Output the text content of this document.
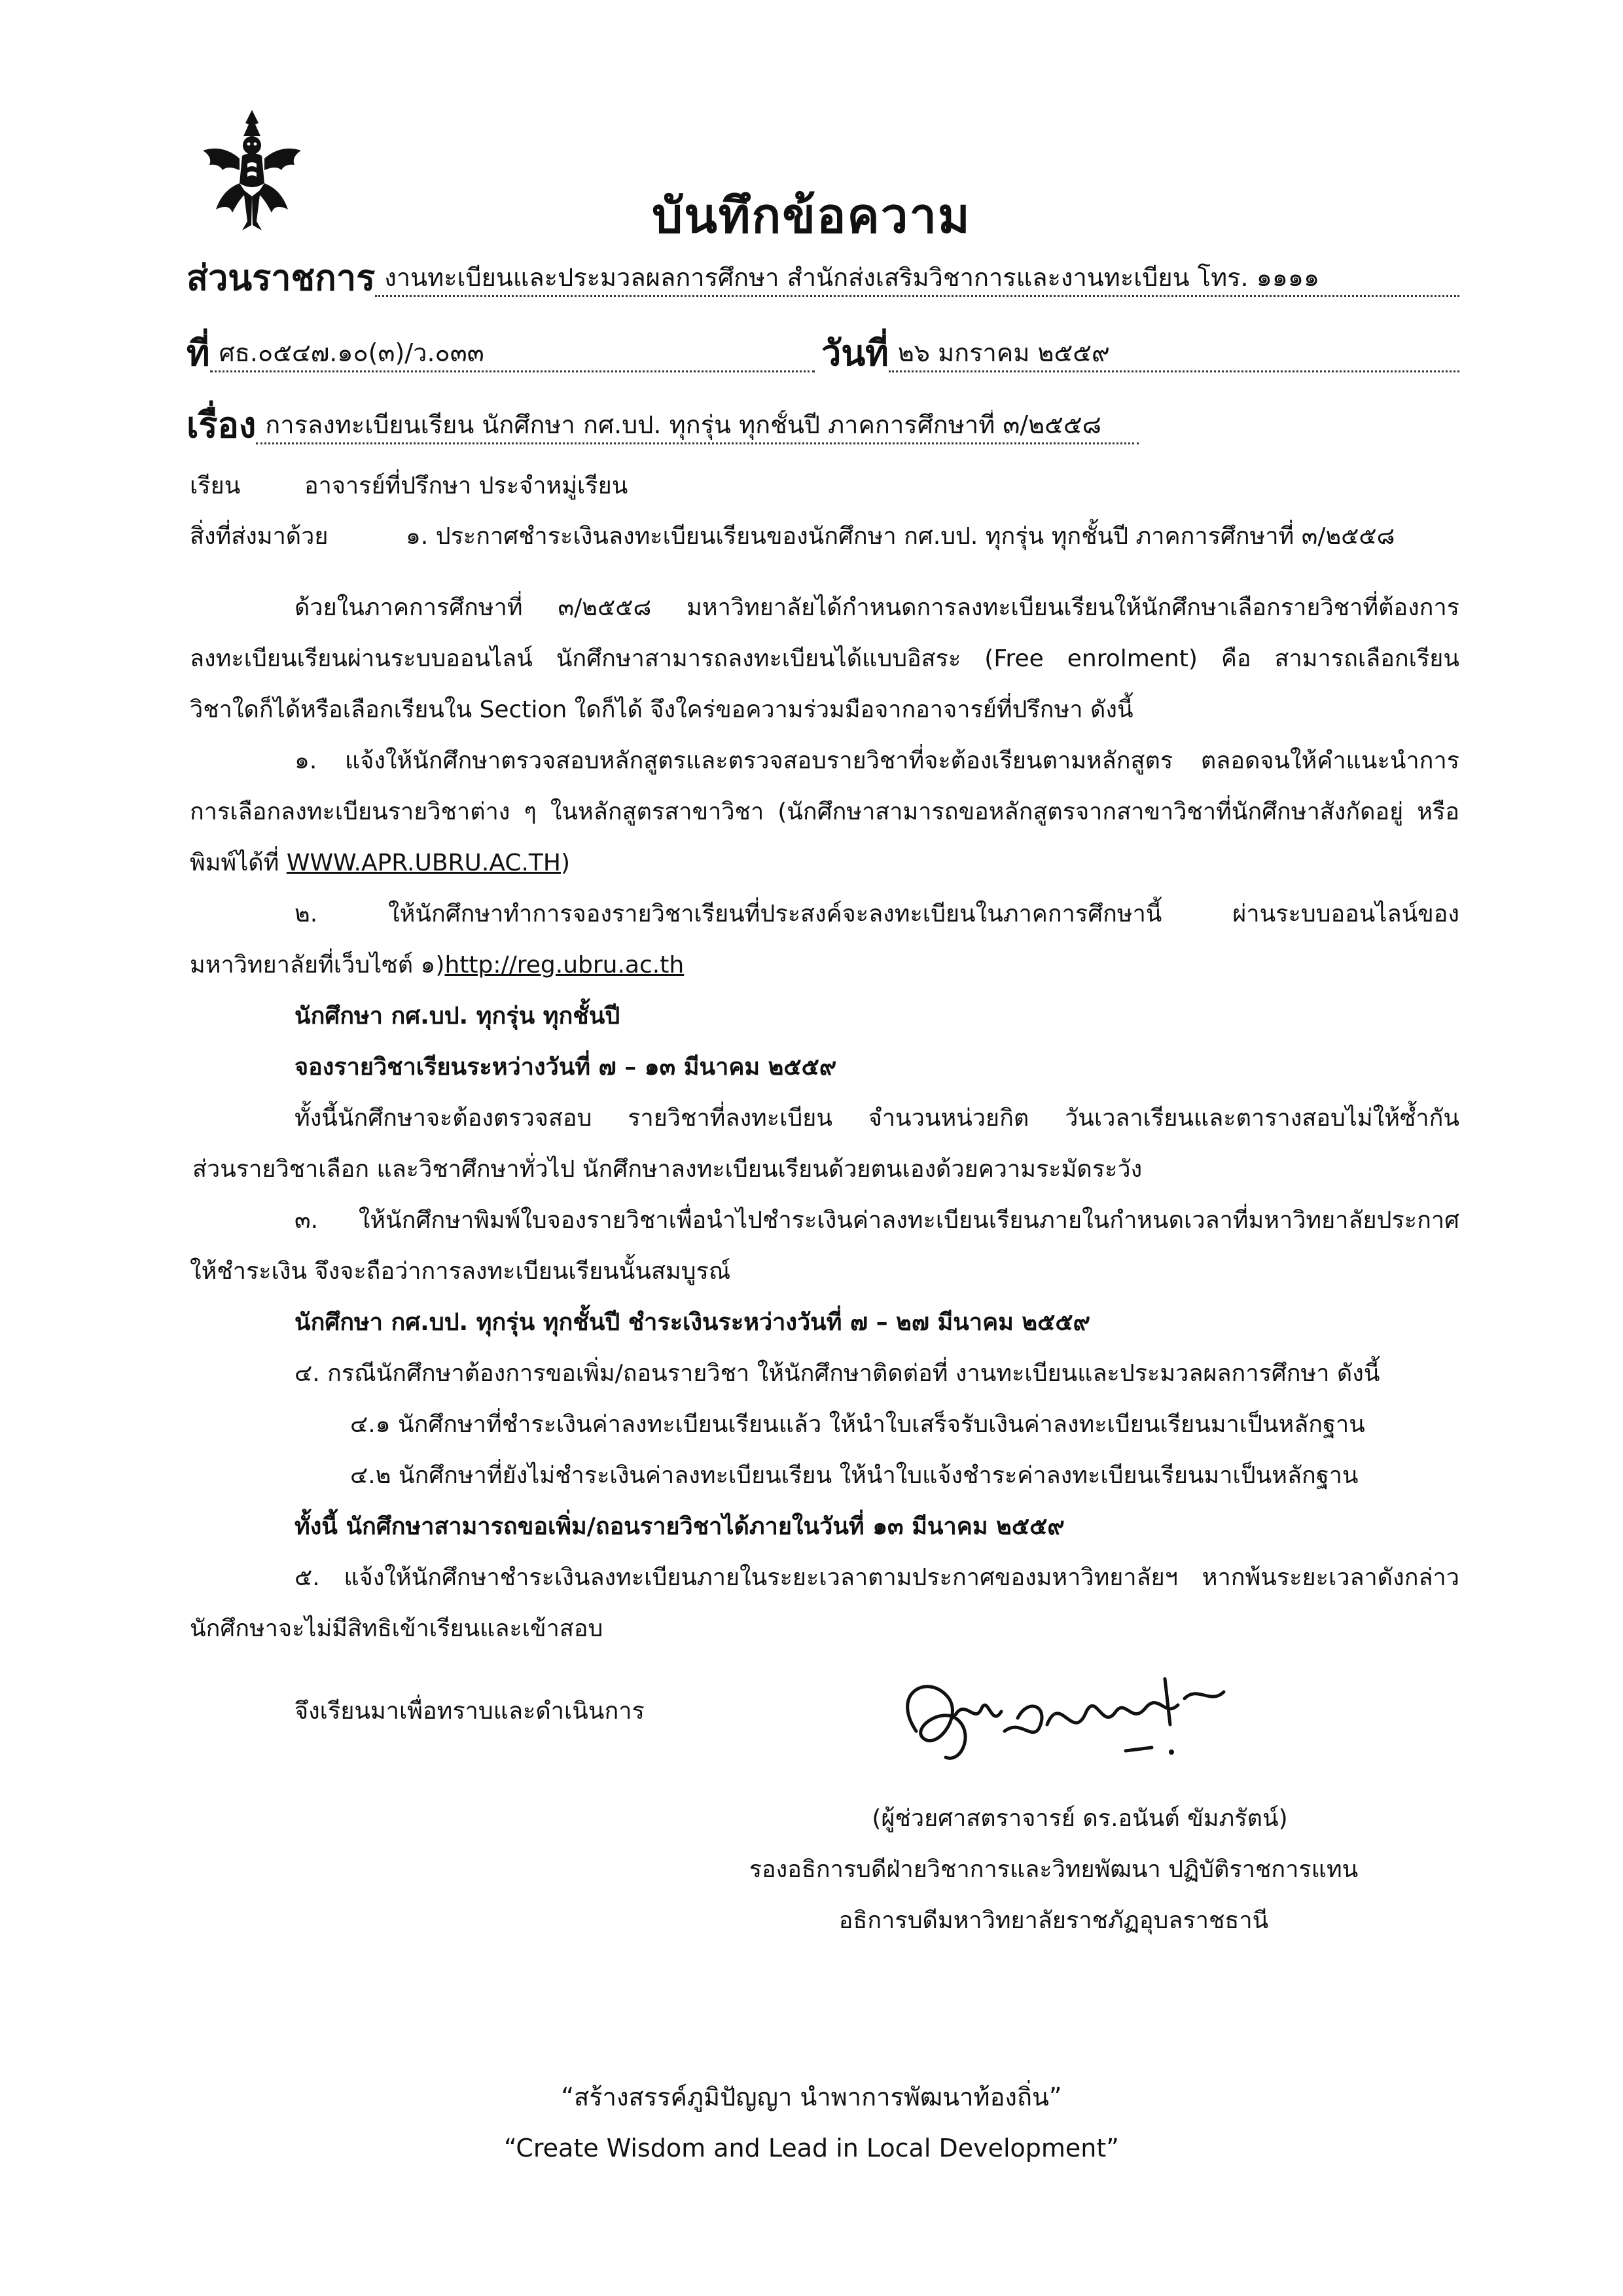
บันทึกข้อความ
ส่วนราชการ งานทะเบียนและประมวลผลการศึกษา สำนักส่งเสริมวิชาการและงานทะเบียน โทร. ๑๑๑๑
ที่ ศธ.๐๕๔๗.๑๐(๓)/ว.๐๓๓	วันที่ ๒๖ มกราคม ๒๕๕๙
เรื่อง การลงทะเบียนเรียน นักศึกษา กศ.บป. ทุกรุ่น ทุกชั้นปี ภาคการศึกษาที่ ๓/๒๕๕๘
เรียน	อาจารย์ที่ปรึกษา ประจำหมู่เรียน
สิ่งที่ส่งมาด้วย	๑. ประกาศชำระเงินลงทะเบียนเรียนของนักศึกษา กศ.บป. ทุกรุ่น ทุกชั้นปี ภาคการศึกษาที่ ๓/๒๕๕๘

ด้วยในภาคการศึกษาที่ ๓/๒๕๕๘ มหาวิทยาลัยได้กำหนดการลงทะเบียนเรียนให้นักศึกษาเลือกรายวิชาที่ต้องการ

ลงทะเบียนเรียนผ่านระบบออนไลน์ นักศึกษาสามารถลงทะเบียนได้แบบอิสระ (Free enrolment) คือ สามารถเลือกเรียน

วิชาใดก็ได้หรือเลือกเรียนใน Section ใดก็ได้ จึงใคร่ขอความร่วมมือจากอาจารย์ที่ปรึกษา ดังนี้

๑. แจ้งให้นักศึกษาตรวจสอบหลักสูตรและตรวจสอบรายวิชาที่จะต้องเรียนตามหลักสูตร ตลอดจนให้คำแนะนำการ

การเลือกลงทะเบียนรายวิชาต่าง ๆ ในหลักสูตรสาขาวิชา (นักศึกษาสามารถขอหลักสูตรจากสาขาวิชาที่นักศึกษาสังกัดอยู่ หรือ

พิมพ์ได้ที่ WWW.APR.UBRU.AC.TH)

๒. ให้นักศึกษาทำการจองรายวิชาเรียนที่ประสงค์จะลงทะเบียนในภาคการศึกษานี้ ผ่านระบบออนไลน์ของ

มหาวิทยาลัยที่เว็บไซต์ ๑)http://reg.ubru.ac.th

นักศึกษา กศ.บป. ทุกรุ่น ทุกชั้นปี

จองรายวิชาเรียนระหว่างวันที่ ๗ – ๑๓ มีนาคม ๒๕๕๙

ทั้งนี้นักศึกษาจะต้องตรวจสอบ รายวิชาที่ลงทะเบียน จำนวนหน่วยกิต วันเวลาเรียนและตารางสอบไม่ให้ซ้ำกัน

ส่วนรายวิชาเลือก และวิชาศึกษาทั่วไป นักศึกษาลงทะเบียนเรียนด้วยตนเองด้วยความระมัดระวัง

๓. ให้นักศึกษาพิมพ์ใบจองรายวิชาเพื่อนำไปชำระเงินค่าลงทะเบียนเรียนภายในกำหนดเวลาที่มหาวิทยาลัยประกาศ

ให้ชำระเงิน จึงจะถือว่าการลงทะเบียนเรียนนั้นสมบูรณ์

นักศึกษา กศ.บป. ทุกรุ่น ทุกชั้นปี ชำระเงินระหว่างวันที่ ๗ – ๒๗ มีนาคม ๒๕๕๙

๔. กรณีนักศึกษาต้องการขอเพิ่ม/ถอนรายวิชา ให้นักศึกษาติดต่อที่ งานทะเบียนและประมวลผลการศึกษา ดังนี้

๔.๑ นักศึกษาที่ชำระเงินค่าลงทะเบียนเรียนแล้ว ให้นำใบเสร็จรับเงินค่าลงทะเบียนเรียนมาเป็นหลักฐาน

๔.๒ นักศึกษาที่ยังไม่ชำระเงินค่าลงทะเบียนเรียน ให้นำใบแจ้งชำระค่าลงทะเบียนเรียนมาเป็นหลักฐาน

ทั้งนี้ นักศึกษาสามารถขอเพิ่ม/ถอนรายวิชาได้ภายในวันที่ ๑๓ มีนาคม ๒๕๕๙

๕. แจ้งให้นักศึกษาชำระเงินลงทะเบียนภายในระยะเวลาตามประกาศของมหาวิทยาลัยฯ หากพ้นระยะเวลาดังกล่าว

นักศึกษาจะไม่มีสิทธิเข้าเรียนและเข้าสอบ

จึงเรียนมาเพื่อทราบและดำเนินการ
(ผู้ช่วยศาสตราจารย์ ดร.อนันต์ ขัมภรัตน์)
รองอธิการบดีฝ่ายวิชาการและวิทยพัฒนา ปฏิบัติราชการแทน
อธิการบดีมหาวิทยาลัยราชภัฏอุบลราชธานี
“สร้างสรรค์ภูมิปัญญา นำพาการพัฒนาท้องถิ่น”
“Create Wisdom and Lead in Local Development”
